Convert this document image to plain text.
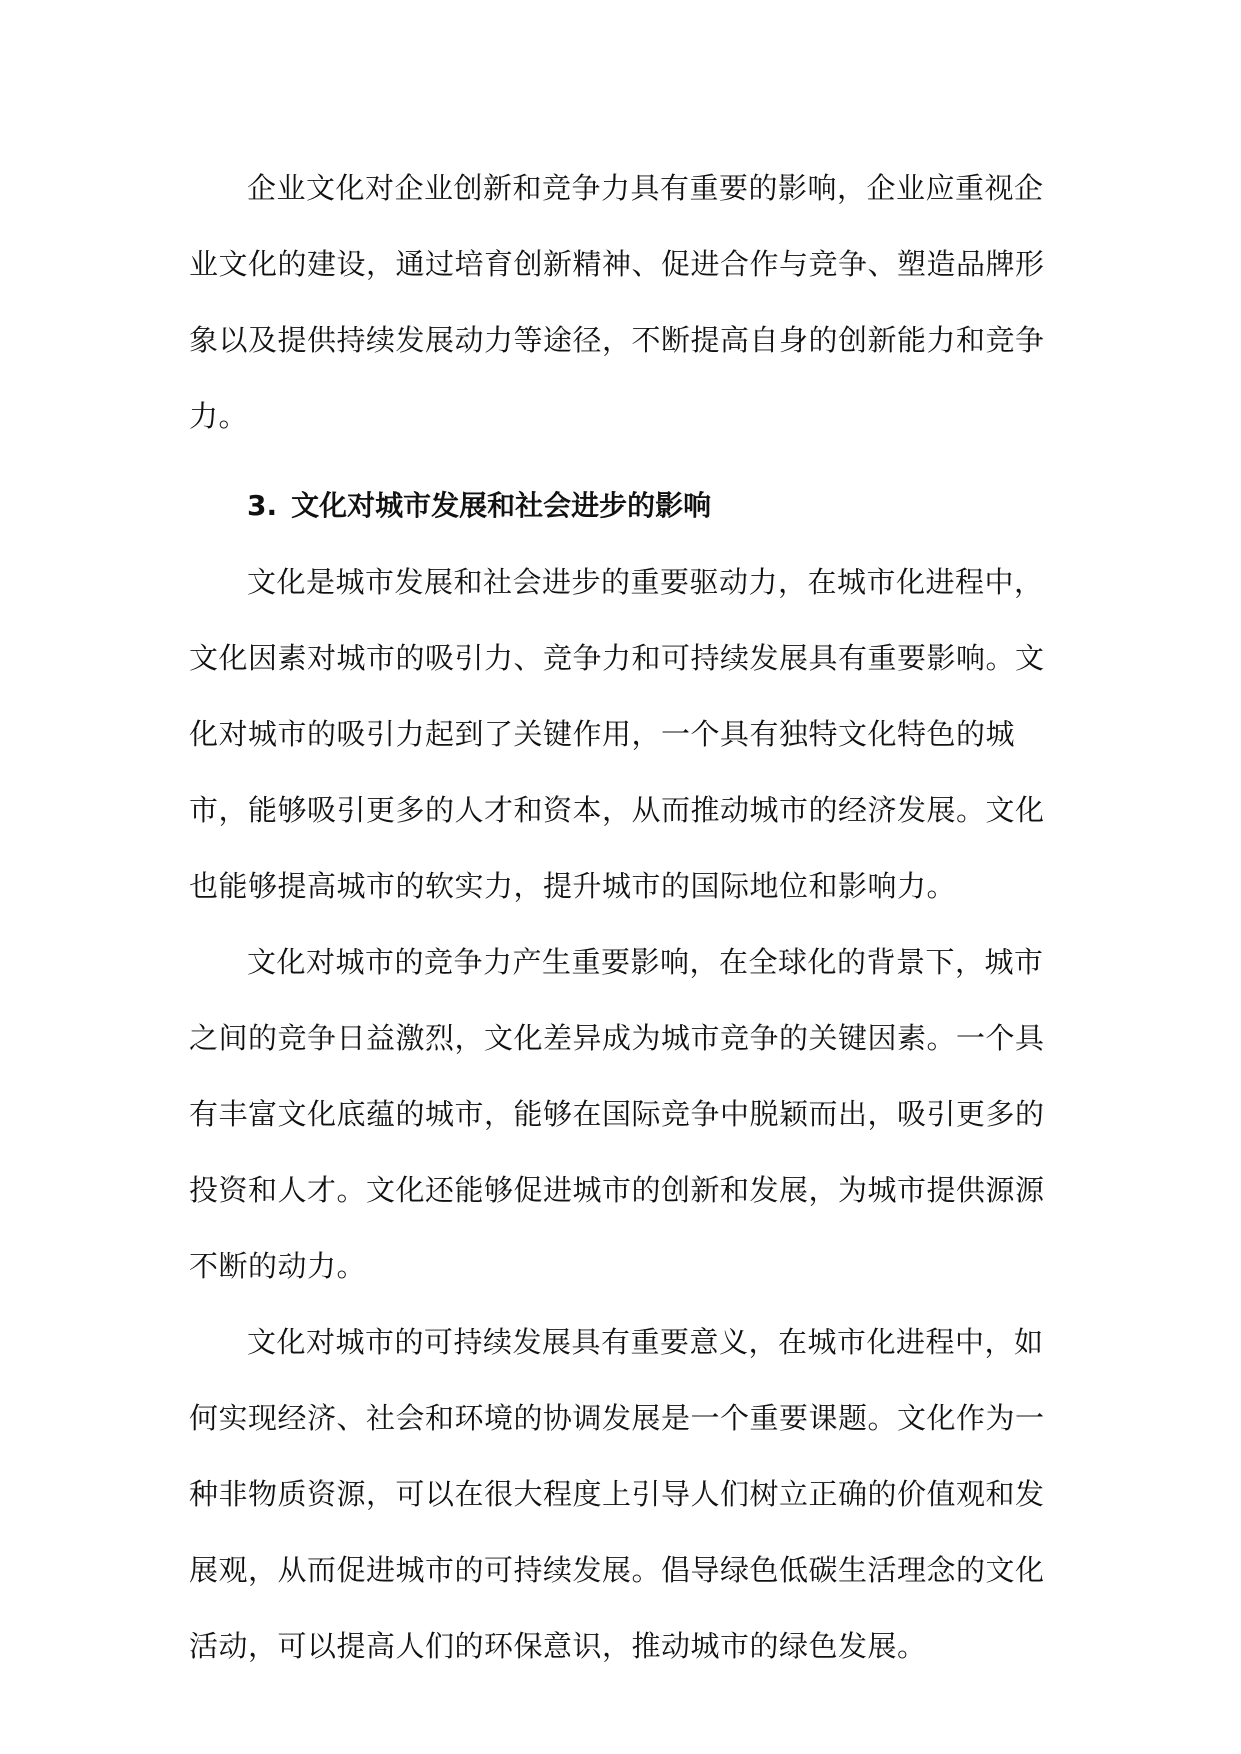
企业文化对企业创新和竞争力具有重要的影响，企业应重视企业文化的建设，通过培育创新精神、促进合作与竞争、塑造品牌形象以及提供持续发展动力等途径，不断提高自身的创新能力和竞争力。

3. 文化对城市发展和社会进步的影响

文化是城市发展和社会进步的重要驱动力，在城市化进程中，文化因素对城市的吸引力、竞争力和可持续发展具有重要影响。文化对城市的吸引力起到了关键作用，一个具有独特文化特色的城市，能够吸引更多的人才和资本，从而推动城市的经济发展。文化也能够提高城市的软实力，提升城市的国际地位和影响力。

文化对城市的竞争力产生重要影响，在全球化的背景下，城市之间的竞争日益激烈，文化差异成为城市竞争的关键因素。一个具有丰富文化底蕴的城市，能够在国际竞争中脱颖而出，吸引更多的投资和人才。文化还能够促进城市的创新和发展，为城市提供源源不断的动力。

文化对城市的可持续发展具有重要意义，在城市化进程中，如何实现经济、社会和环境的协调发展是一个重要课题。文化作为一种非物质资源，可以在很大程度上引导人们树立正确的价值观和发展观，从而促进城市的可持续发展。倡导绿色低碳生活理念的文化活动，可以提高人们的环保意识，推动城市的绿色发展。
